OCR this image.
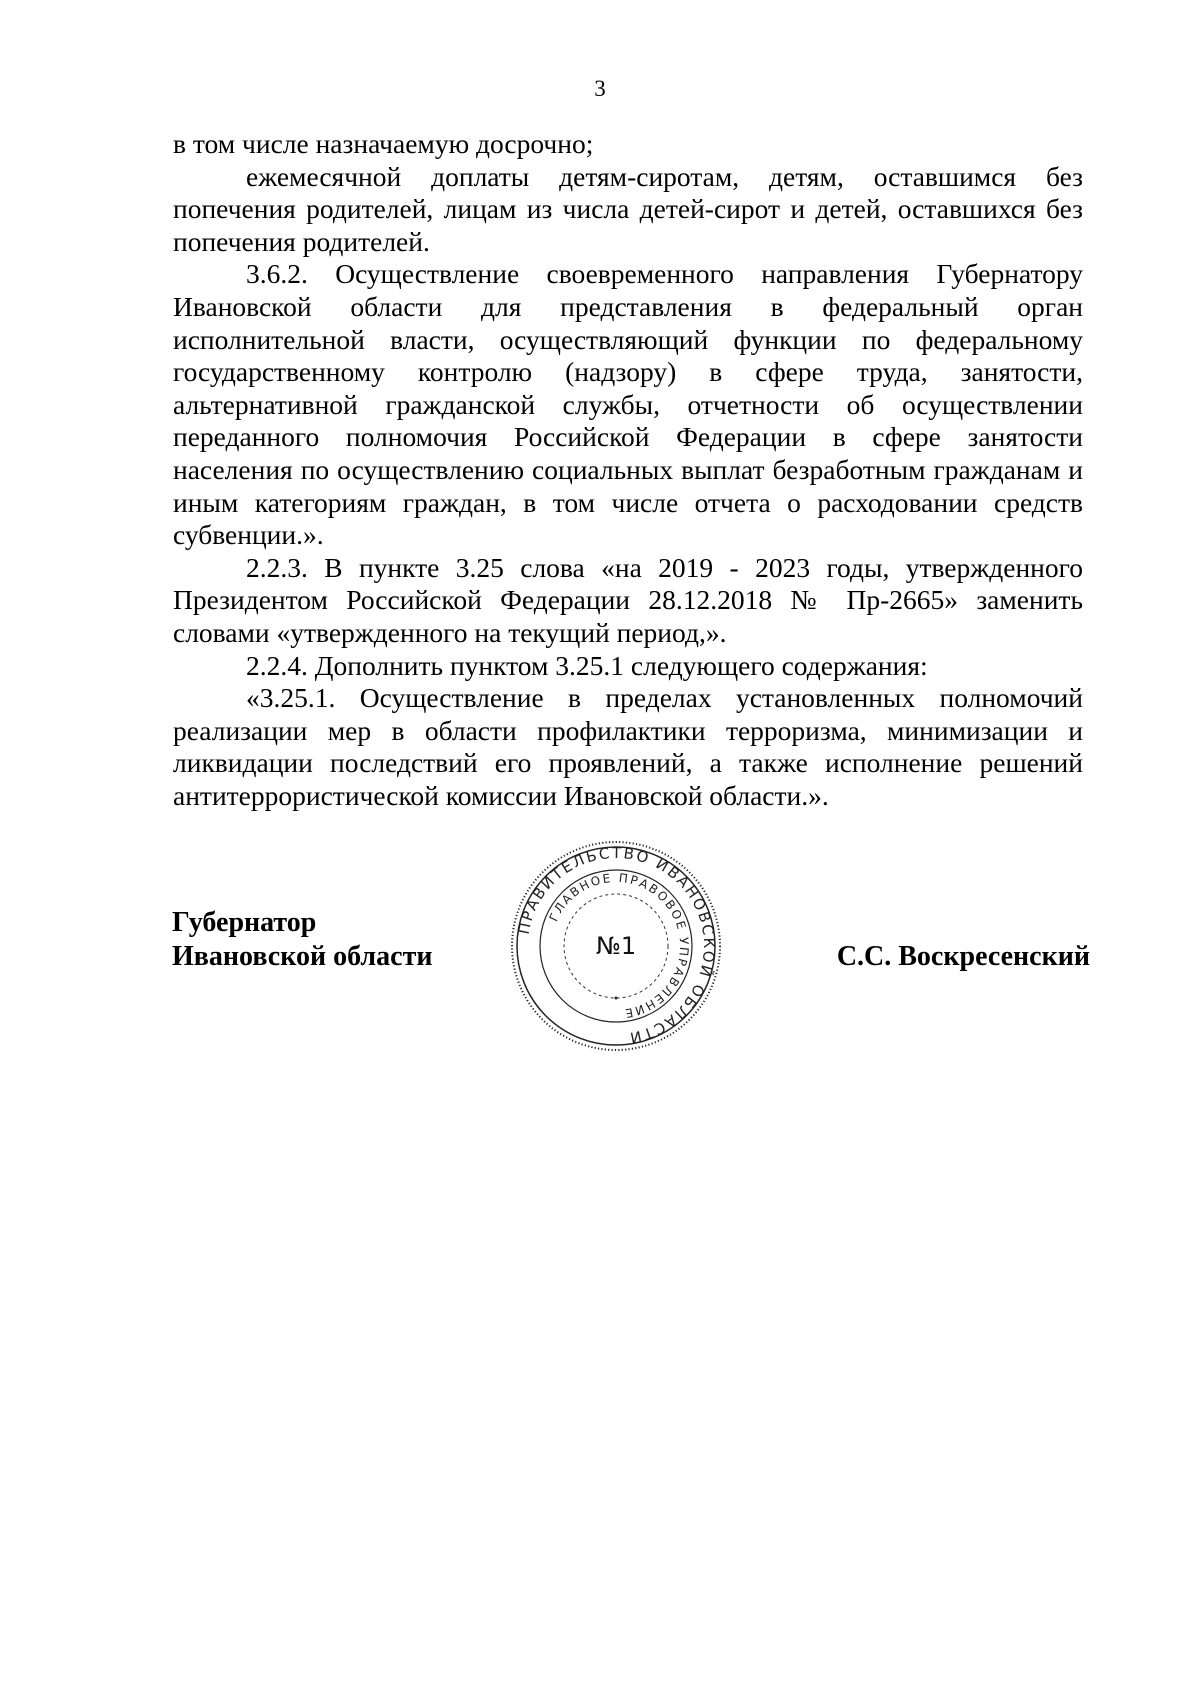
3

в том числе назначаемую досрочно;

ежемесячной доплаты детям-сиротам, детям, оставшимся без попечения родителей, лицам из числа детей-сирот и детей, оставшихся без попечения родителей.

3.6.2. Осуществление своевременного направления Губернатору Ивановской области для представления в федеральный орган исполнительной власти, осуществляющий функции по федеральному государственному контролю (надзору) в сфере труда, занятости, альтернативной гражданской службы, отчетности об осуществлении переданного полномочия Российской Федерации в сфере занятости населения по осуществлению социальных выплат безработным гражданам и иным категориям граждан, в том числе отчета о расходовании средств субвенции.».

2.2.3. В пункте 3.25 слова «на 2019 - 2023 годы, утвержденного Президентом Российской Федерации 28.12.2018 № Пр-2665» заменить словами «утвержденного на текущий период,».

2.2.4. Дополнить пунктом 3.25.1 следующего содержания:

«3.25.1. Осуществление в пределах установленных полномочий реализации мер в области профилактики терроризма, минимизации и ликвидации последствий его проявлений, а также исполнение решений антитеррористической комиссии Ивановской области.».

Губернатор
Ивановской области
ПРАВИТЕЛЬСТВО ИВАНОВСКОЙ ОБЛАСТИ
ГЛАВНОЕ ПРАВОВОЕ УПРАВЛЕНИЕ
№1	С.С. Воскресенский
